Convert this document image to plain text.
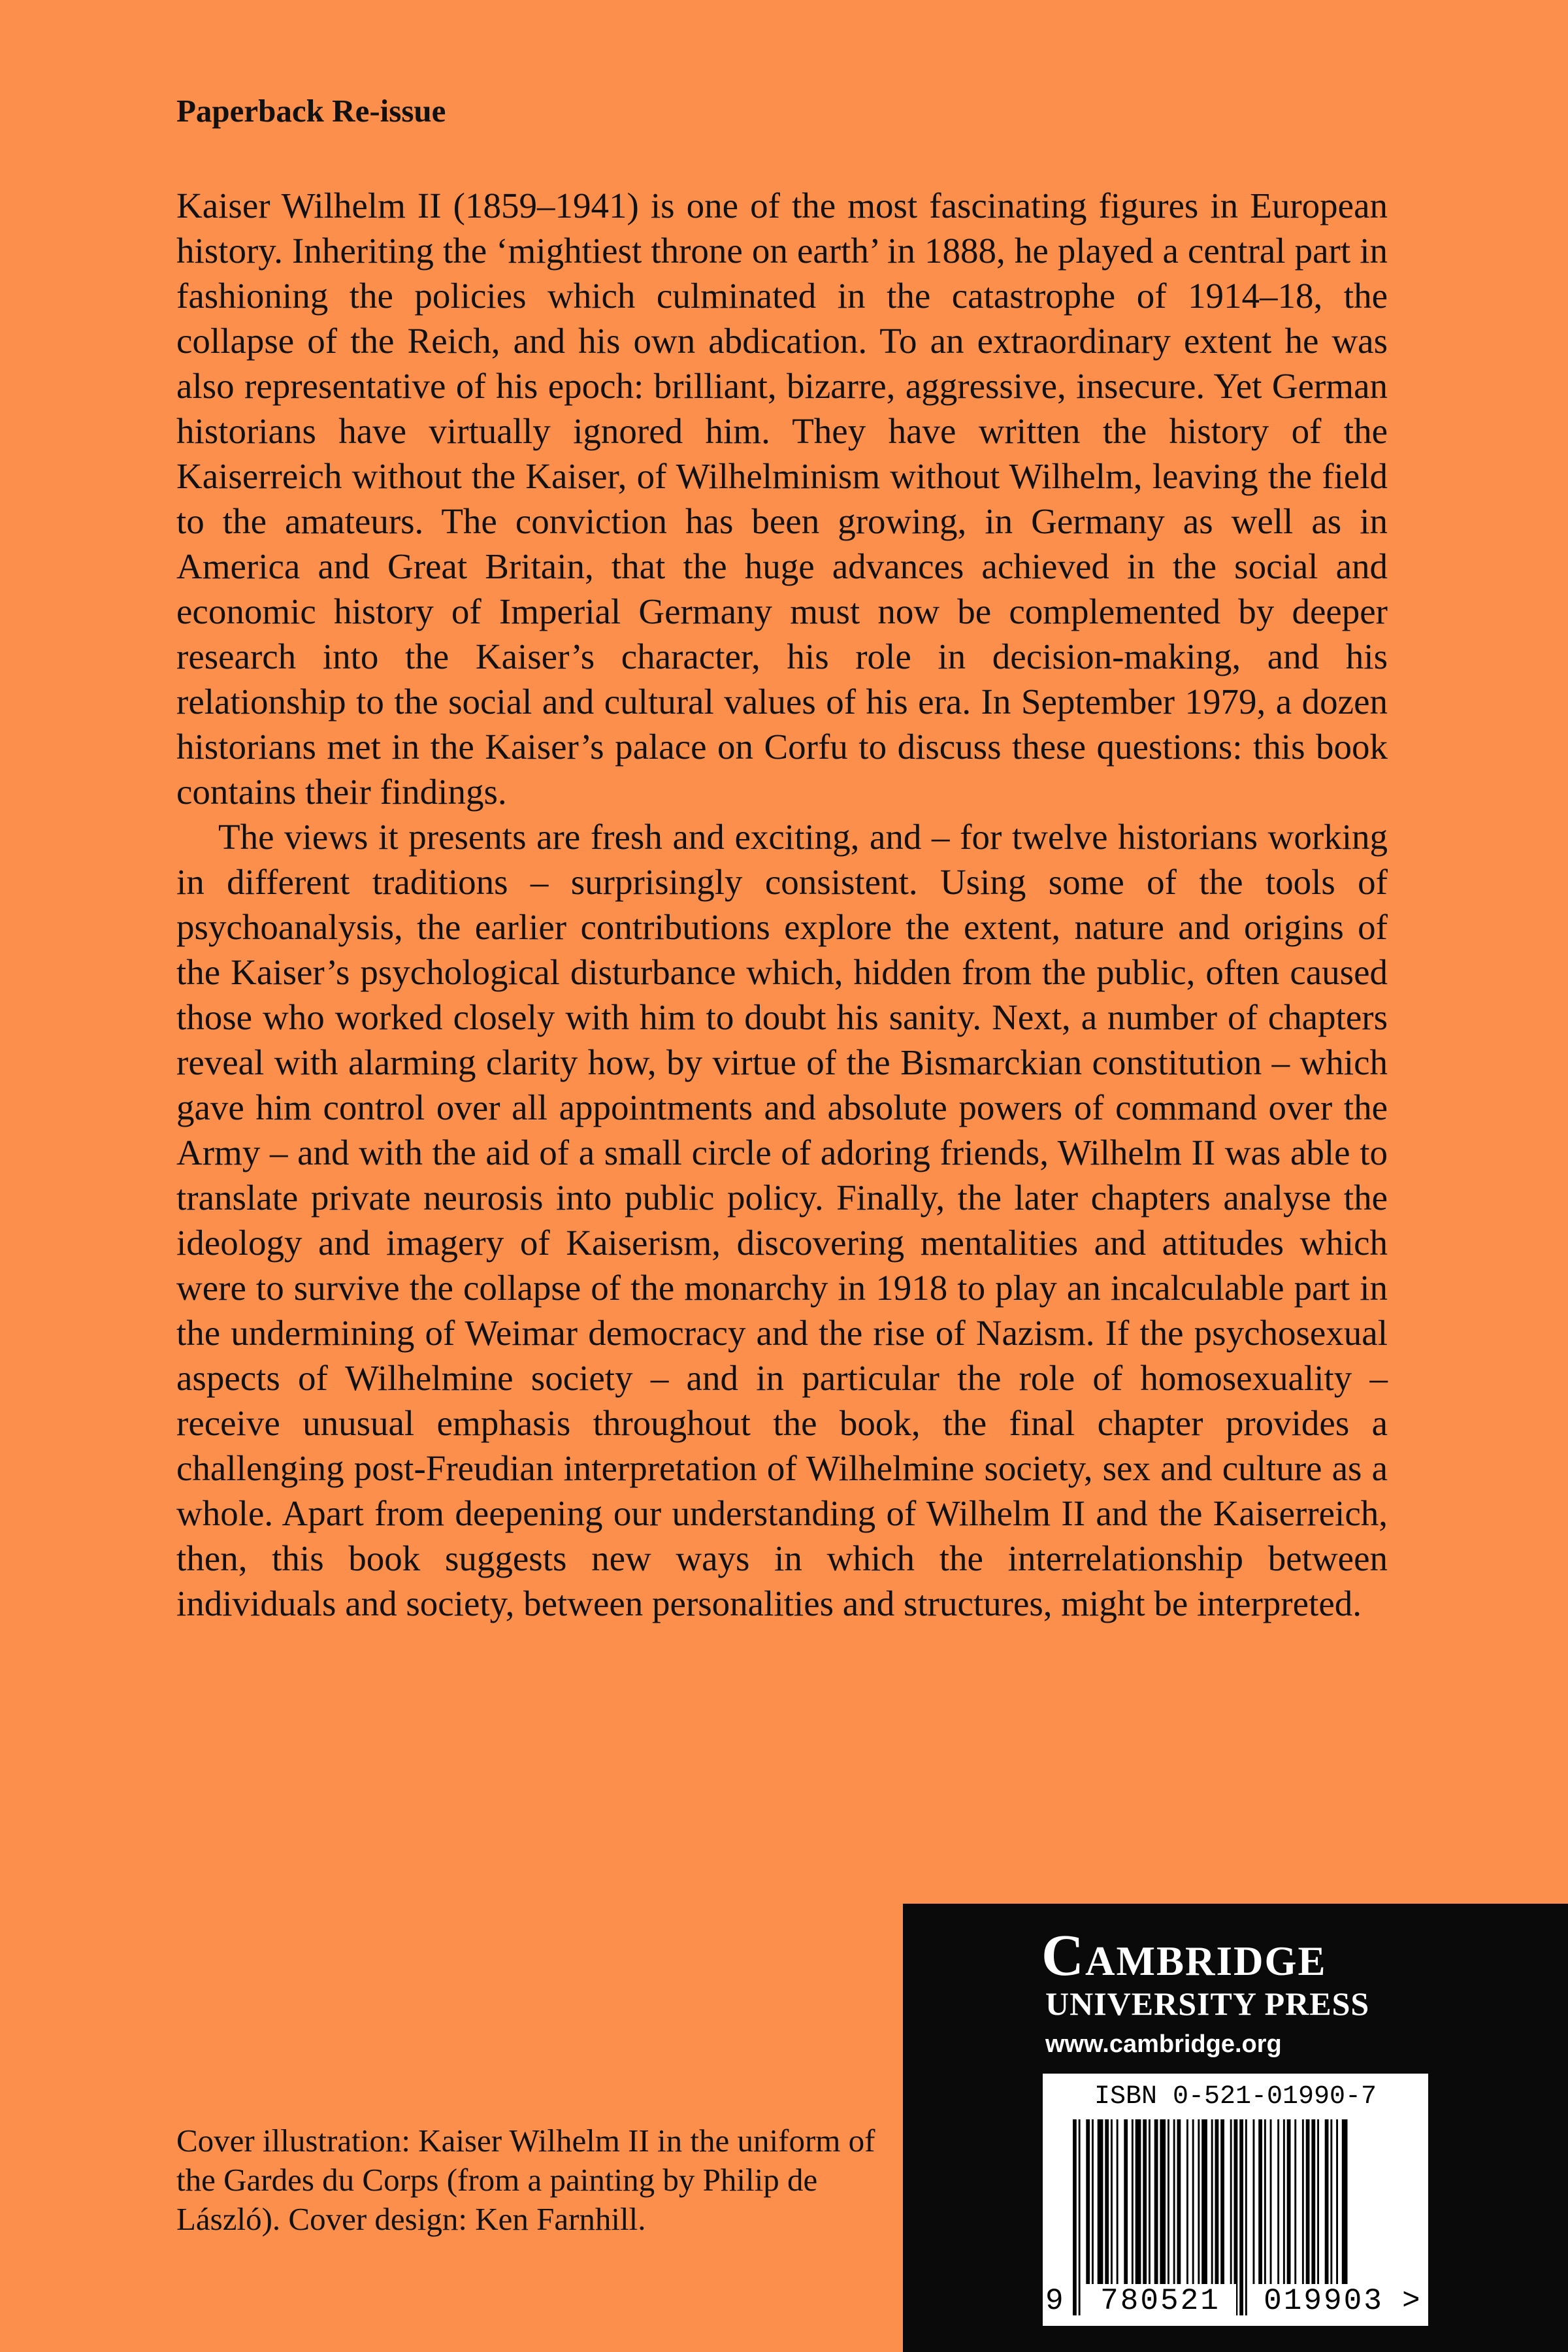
Paperback Re-issue

Kaiser Wilhelm II (1859–1941) is one of the most fascinating figures in European history. Inheriting the ‘mightiest throne on earth’ in 1888, he played a central part in fashioning the policies which culminated in the catastrophe of 1914–18, the collapse of the Reich, and his own abdication. To an extraordinary extent he was also representative of his epoch: brilliant, bizarre, aggressive, insecure. Yet German historians have virtually ignored him. They have written the history of the Kaiserreich without the Kaiser, of Wilhelminism without Wilhelm, leaving the field to the amateurs. The conviction has been growing, in Germany as well as in America and Great Britain, that the huge advances achieved in the social and economic history of Imperial Germany must now be complemented by deeper research into the Kaiser’s character, his role in decision-making, and his relationship to the social and cultural values of his era. In September 1979, a dozen historians met in the Kaiser’s palace on Corfu to discuss these questions: this book contains their findings.

The views it presents are fresh and exciting, and – for twelve historians working in different traditions – surprisingly consistent. Using some of the tools of psychoanalysis, the earlier contributions explore the extent, nature and origins of the Kaiser’s psychological disturbance which, hidden from the public, often caused those who worked closely with him to doubt his sanity. Next, a number of chapters reveal with alarming clarity how, by virtue of the Bismarckian constitution – which gave him control over all appointments and absolute powers of command over the Army – and with the aid of a small circle of adoring friends, Wilhelm II was able to translate private neurosis into public policy. Finally, the later chapters analyse the ideology and imagery of Kaiserism, discovering mentalities and attitudes which were to survive the collapse of the monarchy in 1918 to play an incalculable part in the undermining of Weimar democracy and the rise of Nazism. If the psychosexual aspects of Wilhelmine society – and in particular the role of homosexuality – receive unusual emphasis throughout the book, the final chapter provides a challenging post-Freudian interpretation of Wilhelmine society, sex and culture as a whole. Apart from deepening our understanding of Wilhelm II and the Kaiserreich, then, this book suggests new ways in which the interrelationship between individuals and society, between personalities and structures, might be interpreted.

Cover illustration: Kaiser Wilhelm II in the uniform of the Gardes du Corps (from a painting by Philip de László). Cover design: Ken Farnhill.
Cambridge
UNIVERSITY PRESS
www.cambridge.org
ISBN 0-521-01990-7
9	780521	019903 >
